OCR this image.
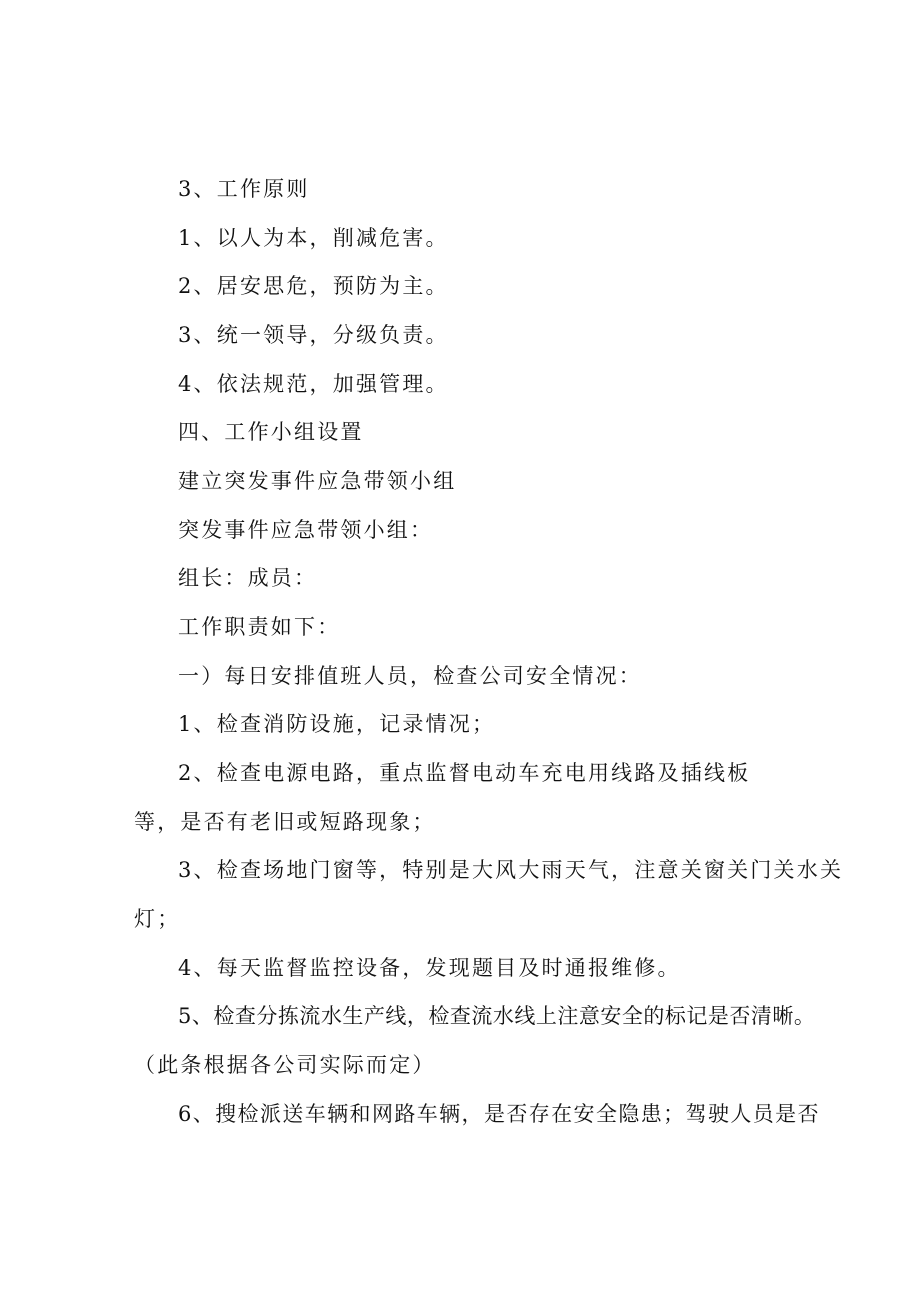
3、工作原则
1、以人为本，削减危害。
2、居安思危，预防为主。
3、统一领导，分级负责。
4、依法规范，加强管理。
四、工作小组设置
建立突发事件应急带领小组
突发事件应急带领小组：
组长：成员：
工作职责如下：
一）每日安排值班人员，检查公司安全情况：
1、检查消防设施，记录情况；
2、检查电源电路，重点监督电动车充电用线路及插线板
等，是否有老旧或短路现象；
3、检查场地门窗等，特别是大风大雨天气，注意关窗关门关水关
灯；
4、每天监督监控设备，发现题目及时通报维修。
5、检查分拣流水生产线，检查流水线上注意安全的标记是否清晰。
（此条根据各公司实际而定）
6、搜检派送车辆和网路车辆，是否存在安全隐患；驾驶人员是否
